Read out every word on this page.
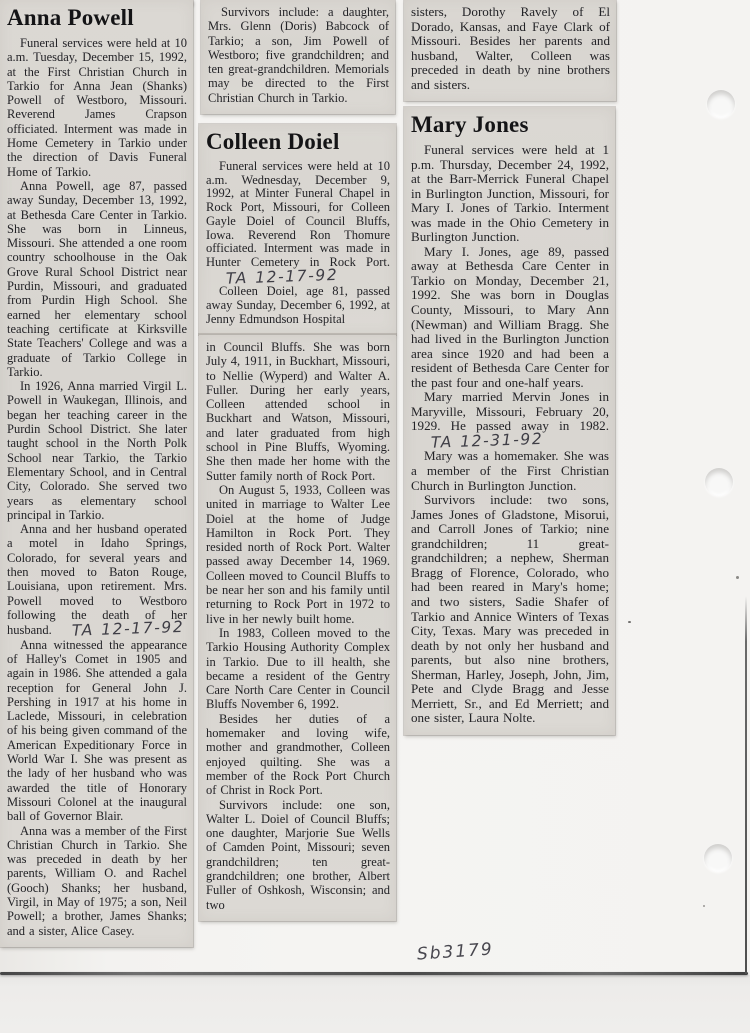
Anna Powell

Funeral services were held at 10 a.m. Tuesday, December 15, 1992, at the First Christian Church in Tarkio for Anna Jean (Shanks) Powell of Westboro, Missouri. Reverend James Crapson officiated. Interment was made in Home Cemetery in Tarkio under the direction of Davis Funeral Home of Tarkio.

Anna Powell, age 87, passed away Sunday, December 13, 1992, at Bethesda Care Center in Tarkio. She was born in Linneus, Missouri. She attended a one room country schoolhouse in the Oak Grove Rural School District near Purdin, Missouri, and graduated from Purdin High School. She earned her elementary school teaching certificate at Kirksville State Teachers' College and was a graduate of Tarkio College in Tarkio.

In 1926, Anna married Virgil L. Powell in Waukegan, Illinois, and began her teaching career in the Purdin School District. She later taught school in the North Polk School near Tarkio, the Tarkio Elementary School, and in Central City, Colorado. She served two years as elementary school principal in Tarkio.

Anna and her husband operated a motel in Idaho Springs, Colorado, for several years and then moved to Baton Rouge, Louisiana, upon retirement. Mrs. Powell moved to Westboro following the death of her husband. TA 12-17-92

Anna witnessed the appearance of Halley's Comet in 1905 and again in 1986. She attended a gala reception for General John J. Pershing in 1917 at his home in Laclede, Missouri, in celebration of his being given command of the American Expeditionary Force in World War I. She was present as the lady of her husband who was awarded the title of Honorary Missouri Colonel at the inaugural ball of Governor Blair.

Anna was a member of the First Christian Church in Tarkio. She was preceded in death by her parents, William O. and Rachel (Gooch) Shanks; her husband, Virgil, in May of 1975; a son, Neil Powell; a brother, James Shanks; and a sister, Alice Casey.

Survivors include: a daughter, Mrs. Glenn (Doris) Babcock of Tarkio; a son, Jim Powell of Westboro; five grandchildren; and ten great-grandchildren. Memorials may be directed to the First Christian Church in Tarkio.

Colleen Doiel

Funeral services were held at 10 a.m. Wednesday, December 9, 1992, at Minter Funeral Chapel in Rock Port, Missouri, for Colleen Gayle Doiel of Council Bluffs, Iowa. Reverend Ron Thomure officiated. Interment was made in Hunter Cemetery in Rock Port.TA 12-17-92

Colleen Doiel, age 81, passed away Sunday, December 6, 1992, at Jenny Edmundson Hospital

in Council Bluffs. She was born July 4, 1911, in Buckhart, Missouri, to Nellie (Wyperd) and Walter A. Fuller. During her early years, Colleen attended school in Buckhart and Watson, Missouri, and later graduated from high school in Pine Bluffs, Wyoming. She then made her home with the Sutter family north of Rock Port.

On August 5, 1933, Colleen was united in marriage to Walter Lee Doiel at the home of Judge Hamilton in Rock Port. They resided north of Rock Port. Walter passed away December 14, 1969. Colleen moved to Council Bluffs to be near her son and his family until returning to Rock Port in 1972 to live in her newly built home.

In 1983, Colleen moved to the Tarkio Housing Authority Complex in Tarkio. Due to ill health, she became a resident of the Gentry Care North Care Center in Council Bluffs November 6, 1992.

Besides her duties of a homemaker and loving wife, mother and grandmother, Colleen enjoyed quilting. She was a member of the Rock Port Church of Christ in Rock Port.

Survivors include: one son, Walter L. Doiel of Council Bluffs; one daughter, Marjorie Sue Wells of Camden Point, Missouri; seven grandchildren; ten great-grandchildren; one brother, Albert Fuller of Oshkosh, Wisconsin; and two

sisters, Dorothy Ravely of El Dorado, Kansas, and Faye Clark of Missouri. Besides her parents and husband, Walter, Colleen was preceded in death by nine brothers and sisters.

Mary Jones

Funeral services were held at 1 p.m. Thursday, December 24, 1992, at the Barr-Merrick Funeral Chapel in Burlington Junction, Missouri, for Mary I. Jones of Tarkio. Interment was made in the Ohio Cemetery in Burlington Junction.

Mary I. Jones, age 89, passed away at Bethesda Care Center in Tarkio on Monday, December 21, 1992. She was born in Douglas County, Missouri, to Mary Ann (Newman) and William Bragg. She had lived in the Burlington Junction area since 1920 and had been a resident of Bethesda Care Center for the past four and one-half years.

Mary married Mervin Jones in Maryville, Missouri, February 20, 1929. He passed away in 1982.TA 12-31-92

Mary was a homemaker. She was a member of the First Christian Church in Burlington Junction.

Survivors include: two sons, James Jones of Gladstone, Misorui, and Carroll Jones of Tarkio; nine grandchildren; 11 great-grandchildren; a nephew, Sherman Bragg of Florence, Colorado, who had been reared in Mary's home; and two sisters, Sadie Shafer of Tarkio and Annice Winters of Texas City, Texas. Mary was preceded in death by not only her husband and parents, but also nine brothers, Sherman, Harley, Joseph, John, Jim, Pete and Clyde Bragg and Jesse Merriett, Sr., and Ed Merriett; and one sister, Laura Nolte.

Sb3179
